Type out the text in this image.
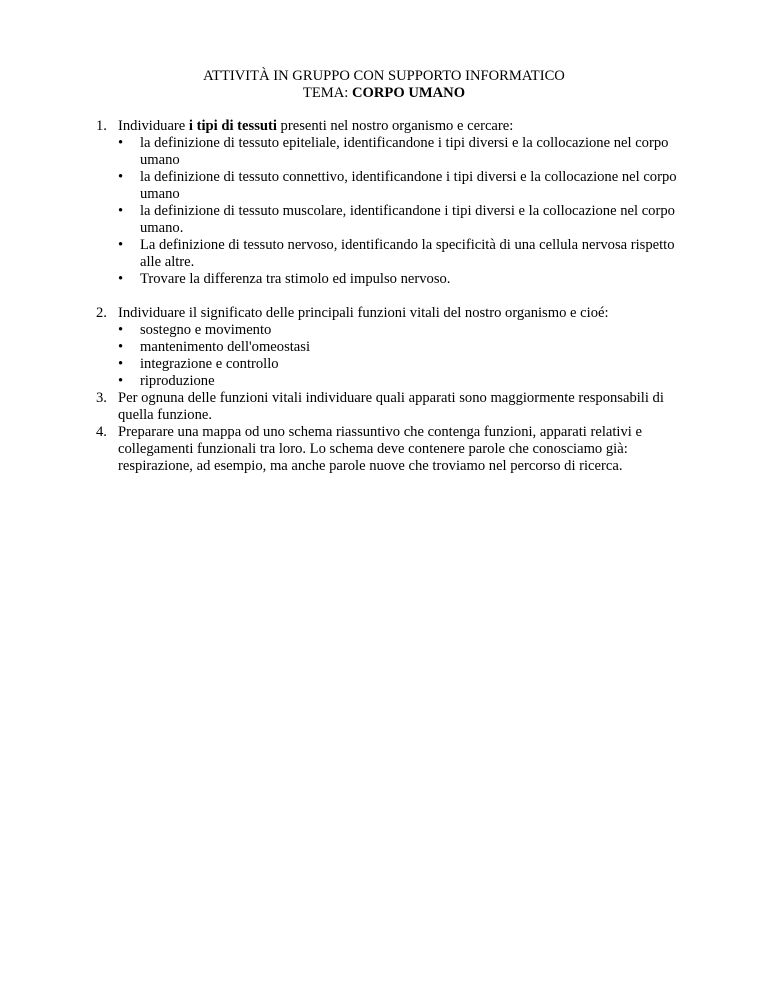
ATTIVITÀ IN GRUPPO CON SUPPORTO INFORMATICO
TEMA: CORPO UMANO
1. Individuare i tipi di tessuti presenti nel nostro organismo e cercare:
• la definizione di tessuto epiteliale, identificandone i tipi diversi e la collocazione nel corpo umano
• la definizione di tessuto connettivo, identificandone i tipi diversi e la collocazione nel corpo umano
• la definizione di tessuto muscolare, identificandone i tipi diversi e la collocazione nel corpo umano.
• La definizione di tessuto nervoso, identificando la specificità di una cellula nervosa rispetto alle altre.
• Trovare la differenza tra stimolo ed impulso nervoso.
2. Individuare il significato delle principali funzioni vitali del nostro organismo e cioé:
• sostegno e movimento
• mantenimento dell'omeostasi
• integrazione e controllo
• riproduzione
3. Per ognuna delle funzioni vitali individuare quali apparati sono maggiormente responsabili di quella funzione.
4. Preparare una mappa od uno schema riassuntivo che contenga funzioni, apparati relativi e collegamenti funzionali tra loro. Lo schema deve contenere parole che conosciamo già: respirazione, ad esempio, ma anche parole nuove che troviamo nel percorso di ricerca.
